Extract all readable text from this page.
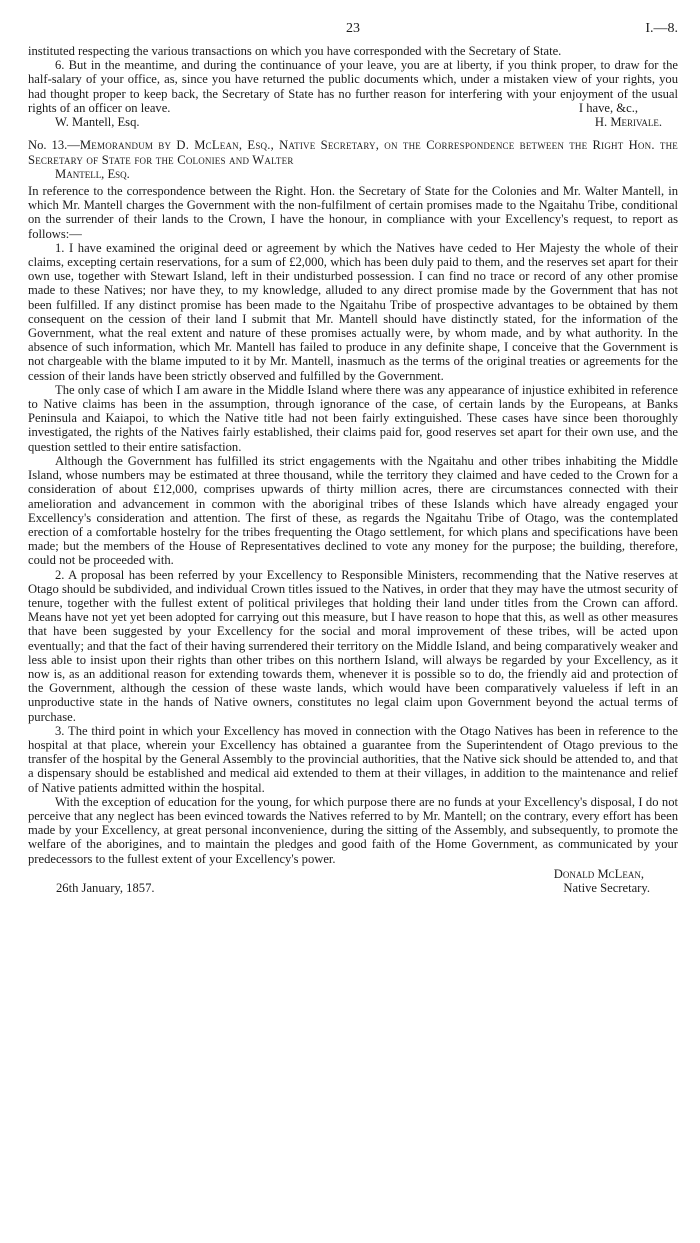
23	I.—8.

instituted respecting the various transactions on which you have corresponded with the Secretary of State.

6. But in the meantime, and during the continuance of your leave, you are at liberty, if you think proper, to draw for the half-salary of your office, as, since you have returned the public documents which, under a mistaken view of your rights, you had thought proper to keep back, the Secretary of State has no further reason for interfering with your enjoyment of the usual rights of an officer on leave.

W. Mantell, Esq.
I have, &c.,
H. Merivale.

No. 13.—Memorandum by D. McLean, Esq., Native Secretary, on the Correspondence between the Right Hon. the Secretary of State for the Colonies and Walter
Mantell, Esq.

In reference to the correspondence between the Right. Hon. the Secretary of State for the Colonies and Mr. Walter Mantell, in which Mr. Mantell charges the Government with the non-fulfilment of certain promises made to the Ngaitahu Tribe, conditional on the surrender of their lands to the Crown, I have the honour, in compliance with your Excellency's request, to report as follows:—

1. I have examined the original deed or agreement by which the Natives have ceded to Her Majesty the whole of their claims, excepting certain reservations, for a sum of £2,000, which has been duly paid to them, and the reserves set apart for their own use, together with Stewart Island, left in their undisturbed possession. I can find no trace or record of any other promise made to these Natives; nor have they, to my knowledge, alluded to any direct promise made by the Government that has not been fulfilled. If any distinct promise has been made to the Ngaitahu Tribe of prospective advantages to be obtained by them consequent on the cession of their land I submit that Mr. Mantell should have distinctly stated, for the information of the Government, what the real extent and nature of these promises actually were, by whom made, and by what authority. In the absence of such information, which Mr. Mantell has failed to produce in any definite shape, I conceive that the Government is not chargeable with the blame imputed to it by Mr. Mantell, inasmuch as the terms of the original treaties or agreements for the cession of their lands have been strictly observed and fulfilled by the Government.

The only case of which I am aware in the Middle Island where there was any appearance of injustice exhibited in reference to Native claims has been in the assumption, through ignorance of the case, of certain lands by the Europeans, at Banks Peninsula and Kaiapoi, to which the Native title had not been fairly extinguished. These cases have since been thoroughly investigated, the rights of the Natives fairly established, their claims paid for, good reserves set apart for their own use, and the question settled to their entire satisfaction.

Although the Government has fulfilled its strict engagements with the Ngaitahu and other tribes inhabiting the Middle Island, whose numbers may be estimated at three thousand, while the territory they claimed and have ceded to the Crown for a consideration of about £12,000, comprises upwards of thirty million acres, there are circumstances connected with their amelioration and advancement in common with the aboriginal tribes of these Islands which have already engaged your Excellency's consideration and attention. The first of these, as regards the Ngaitahu Tribe of Otago, was the contemplated erection of a comfortable hostelry for the tribes frequenting the Otago settlement, for which plans and specifications have been made; but the members of the House of Representatives declined to vote any money for the purpose; the building, therefore, could not be proceeded with.

2. A proposal has been referred by your Excellency to Responsible Ministers, recommending that the Native reserves at Otago should be subdivided, and individual Crown titles issued to the Natives, in order that they may have the utmost security of tenure, together with the fullest extent of political privileges that holding their land under titles from the Crown can afford. Means have not yet yet been adopted for carrying out this measure, but I have reason to hope that this, as well as other measures that have been suggested by your Excellency for the social and moral improvement of these tribes, will be acted upon eventually; and that the fact of their having surrendered their territory on the Middle Island, and being comparatively weaker and less able to insist upon their rights than other tribes on this northern Island, will always be regarded by your Excellency, as it now is, as an additional reason for extending towards them, whenever it is possible so to do, the friendly aid and protection of the Government, although the cession of these waste lands, which would have been comparatively valueless if left in an unproductive state in the hands of Native owners, constitutes no legal claim upon Government beyond the actual terms of purchase.

3. The third point in which your Excellency has moved in connection with the Otago Natives has been in reference to the hospital at that place, wherein your Excellency has obtained a guarantee from the Superintendent of Otago previous to the transfer of the hospital by the General Assembly to the provincial authorities, that the Native sick should be attended to, and that a dispensary should be established and medical aid extended to them at their villages, in addition to the maintenance and relief of Native patients admitted within the hospital.

With the exception of education for the young, for which purpose there are no funds at your Excellency's disposal, I do not perceive that any neglect has been evinced towards the Natives referred to by Mr. Mantell; on the contrary, every effort has been made by your Excellency, at great personal inconvenience, during the sitting of the Assembly, and subsequently, to promote the welfare of the aborigines, and to maintain the pledges and good faith of the Home Government, as communicated by your predecessors to the fullest extent of your Excellency's power.

Donald McLean,
26th January, 1857.	Native Secretary.
